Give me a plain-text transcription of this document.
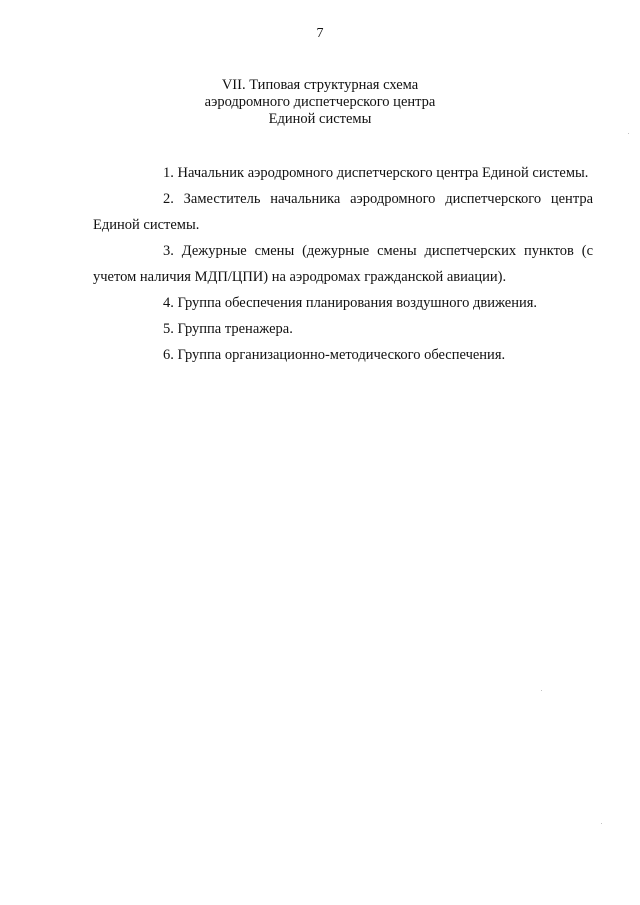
7
VII. Типовая структурная схема
аэродромного диспетчерского центра
Единой системы
1. Начальник аэродромного диспетчерского центра Единой системы.
2. Заместитель начальника аэродромного диспетчерского центра Единой системы.
3. Дежурные смены (дежурные смены диспетчерских пунктов (с учетом наличия МДП/ЦПИ) на аэродромах гражданской авиации).
4. Группа обеспечения планирования воздушного движения.
5. Группа тренажера.
6. Группа организационно-методического обеспечения.
